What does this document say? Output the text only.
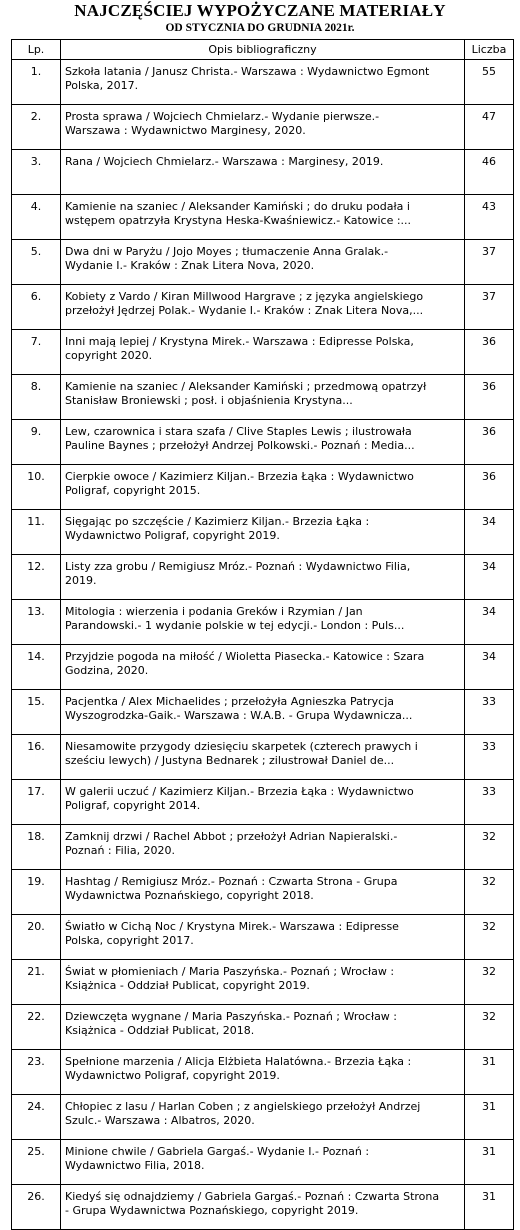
NAJCZĘŚCIEJ WYPOŻYCZANE MATERIAŁY
OD STYCZNIA DO GRUDNIA 2021r.
Lp.	Opis bibliograficzny	Liczba
1.	Szkoła latania / Janusz Christa.- Warszawa : Wydawnictwo Egmont
Polska, 2017.	55
2.	Prosta sprawa / Wojciech Chmielarz.- Wydanie pierwsze.-
Warszawa : Wydawnictwo Marginesy, 2020.	47
3.	Rana / Wojciech Chmielarz.- Warszawa : Marginesy, 2019.	46
4.	Kamienie na szaniec / Aleksander Kamiński ; do druku podała i
wstępem opatrzyła Krystyna Heska-Kwaśniewicz.- Katowice :...	43
5.	Dwa dni w Paryżu / Jojo Moyes ; tłumaczenie Anna Gralak.-
Wydanie I.- Kraków : Znak Litera Nova, 2020.	37
6.	Kobiety z Vardo / Kiran Millwood Hargrave ; z języka angielskiego
przełożył Jędrzej Polak.- Wydanie I.- Kraków : Znak Litera Nova,...	37
7.	Inni mają lepiej / Krystyna Mirek.- Warszawa : Edipresse Polska,
copyright 2020.	36
8.	Kamienie na szaniec / Aleksander Kamiński ; przedmową opatrzył
Stanisław Broniewski ; posł. i objaśnienia Krystyna...	36
9.	Lew, czarownica i stara szafa / Clive Staples Lewis ; ilustrowała
Pauline Baynes ; przełożył Andrzej Polkowski.- Poznań : Media...	36
10.	Cierpkie owoce / Kazimierz Kiljan.- Brzezia Łąka : Wydawnictwo
Poligraf, copyright 2015.	36
11.	Sięgając po szczęście / Kazimierz Kiljan.- Brzezia Łąka :
Wydawnictwo Poligraf, copyright 2019.	34
12.	Listy zza grobu / Remigiusz Mróz.- Poznań : Wydawnictwo Filia,
2019.	34
13.	Mitologia : wierzenia i podania Greków i Rzymian / Jan
Parandowski.- 1 wydanie polskie w tej edycji.- London : Puls...	34
14.	Przyjdzie pogoda na miłość / Wioletta Piasecka.- Katowice : Szara
Godzina, 2020.	34
15.	Pacjentka / Alex Michaelides ; przełożyła Agnieszka Patrycja
Wyszogrodzka-Gaik.- Warszawa : W.A.B. - Grupa Wydawnicza...	33
16.	Niesamowite przygody dziesięciu skarpetek (czterech prawych i
sześciu lewych) / Justyna Bednarek ; zilustrował Daniel de...	33
17.	W galerii uczuć / Kazimierz Kiljan.- Brzezia Łąka : Wydawnictwo
Poligraf, copyright 2014.	33
18.	Zamknij drzwi / Rachel Abbot ; przełożył Adrian Napieralski.-
Poznań : Filia, 2020.	32
19.	Hashtag / Remigiusz Mróz.- Poznań : Czwarta Strona - Grupa
Wydawnictwa Poznańskiego, copyright 2018.	32
20.	Światło w Cichą Noc / Krystyna Mirek.- Warszawa : Edipresse
Polska, copyright 2017.	32
21.	Świat w płomieniach / Maria Paszyńska.- Poznań ; Wrocław :
Książnica - Oddział Publicat, copyright 2019.	32
22.	Dziewczęta wygnane / Maria Paszyńska.- Poznań ; Wrocław :
Książnica - Oddział Publicat, 2018.	32
23.	Spełnione marzenia / Alicja Elżbieta Halatówna.- Brzezia Łąka :
Wydawnictwo Poligraf, copyright 2019.	31
24.	Chłopiec z lasu / Harlan Coben ; z angielskiego przełożył Andrzej
Szulc.- Warszawa : Albatros, 2020.	31
25.	Minione chwile / Gabriela Gargaś.- Wydanie I.- Poznań :
Wydawnictwo Filia, 2018.	31
26.	Kiedyś się odnajdziemy / Gabriela Gargaś.- Poznań : Czwarta Strona
- Grupa Wydawnictwa Poznańskiego, copyright 2019.	31
